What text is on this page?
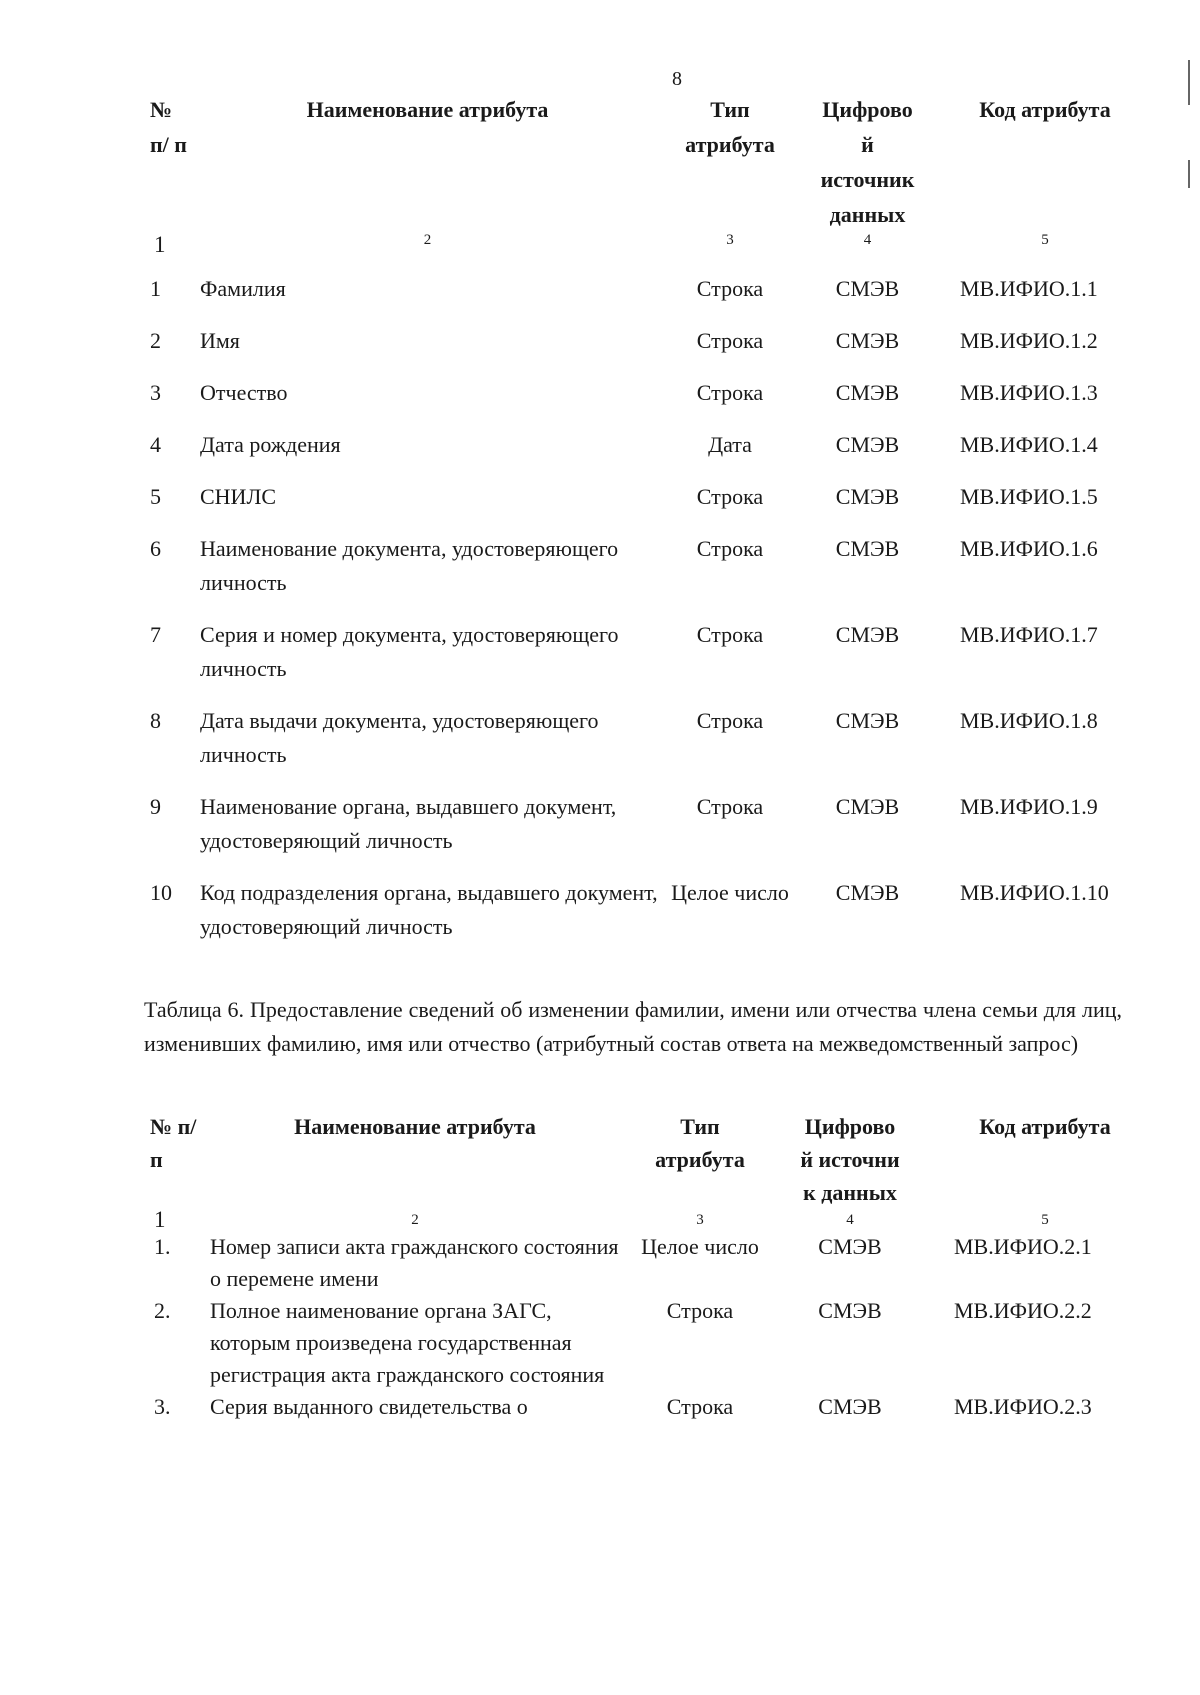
8
№ п/ п	Наименование атрибута	Тип атрибута	Цифрово й источник данных	Код атрибута
1	2	3	4	5
1	Фамилия	Строка	СМЭВ	МВ.ИФИО.1.1
2	Имя	Строка	СМЭВ	МВ.ИФИО.1.2
3	Отчество	Строка	СМЭВ	МВ.ИФИО.1.3
4	Дата рождения	Дата	СМЭВ	МВ.ИФИО.1.4
5	СНИЛС	Строка	СМЭВ	МВ.ИФИО.1.5
6	Наименование документа, удостоверяющего личность	Строка	СМЭВ	МВ.ИФИО.1.6
7	Серия и номер документа, удостоверяющего личность	Строка	СМЭВ	МВ.ИФИО.1.7
8	Дата выдачи документа, удостоверяющего личность	Строка	СМЭВ	МВ.ИФИО.1.8
9	Наименование органа, выдавшего документ, удостоверяющий личность	Строка	СМЭВ	МВ.ИФИО.1.9
10	Код подразделения органа, выдавшего документ, удостоверяющий личность	Целое число	СМЭВ	МВ.ИФИО.1.10
Таблица 6. Предоставление сведений об изменении фамилии, имени или отчества члена семьи для лиц, изменивших фамилию, имя или отчество (атрибутный состав ответа на межведомственный запрос)
№ п/ п	Наименование атрибута	Тип атрибута	Цифрово й источни к данных	Код атрибута
1	2	3	4	5
1.	Номер записи акта гражданского состояния о перемене имени	Целое число	СМЭВ	МВ.ИФИО.2.1
2.	Полное наименование органа ЗАГС, которым произведена государственная регистрация акта гражданского состояния	Строка	СМЭВ	МВ.ИФИО.2.2
3.	Серия выданного свидетельства о	Строка	СМЭВ	МВ.ИФИО.2.3
